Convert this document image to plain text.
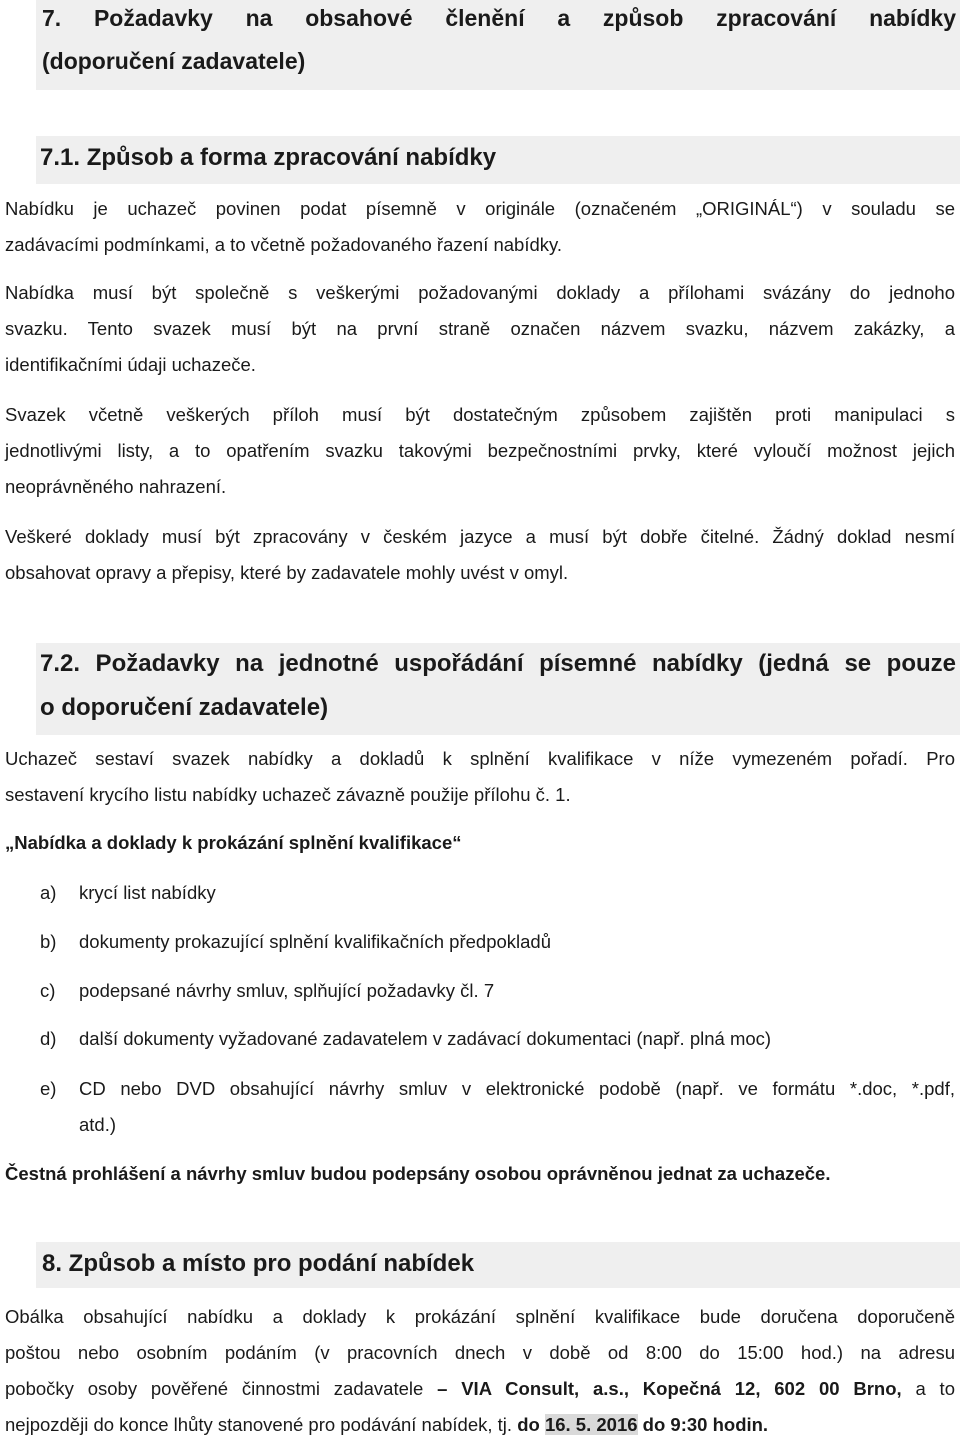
7. Požadavky na obsahové členění a způsob zpracování nabídky
(doporučení zadavatele)
7.1. Způsob a forma zpracování nabídky
Nabídku je uchazeč povinen podat písemně v originále (označeném „ORIGINÁL“) v souladu se
zadávacími podmínkami, a to včetně požadovaného řazení nabídky.
Nabídka musí být společně s veškerými požadovanými doklady a přílohami svázány do jednoho
svazku. Tento svazek musí být na první straně označen názvem svazku, názvem zakázky, a
identifikačními údaji uchazeče.
Svazek včetně veškerých příloh musí být dostatečným způsobem zajištěn proti manipulaci s
jednotlivými listy, a to opatřením svazku takovými bezpečnostními prvky, které vyloučí možnost jejich
neoprávněného nahrazení.
Veškeré doklady musí být zpracovány v českém jazyce a musí být dobře čitelné. Žádný doklad nesmí
obsahovat opravy a přepisy, které by zadavatele mohly uvést v omyl.
7.2. Požadavky na jednotné uspořádání písemné nabídky (jedná se pouze
o doporučení zadavatele)
Uchazeč sestaví svazek nabídky a dokladů k splnění kvalifikace v níže vymezeném pořadí. Pro
sestavení krycího listu nabídky uchazeč závazně použije přílohu č. 1.
„Nabídka a doklady k prokázání splnění kvalifikace“
a)	krycí list nabídky
b)	dokumenty prokazující splnění kvalifikačních předpokladů
c)	podepsané návrhy smluv, splňující požadavky čl. 7
d)	další dokumenty vyžadované zadavatelem v zadávací dokumentaci (např. plná moc)
e)	CD nebo DVD obsahující návrhy smluv v elektronické podobě (např. ve formátu *.doc, *.pdf,
atd.)
Čestná prohlášení a návrhy smluv budou podepsány osobou oprávněnou jednat za uchazeče.
8. Způsob a místo pro podání nabídek
Obálka obsahující nabídku a doklady k prokázání splnění kvalifikace bude doručena doporučeně
poštou nebo osobním podáním (v pracovních dnech v době od 8:00 do 15:00 hod.) na adresu
pobočky osoby pověřené činnostmi zadavatele – VIA Consult, a.s., Kopečná 12, 602 00 Brno, a to
nejpozději do konce lhůty stanovené pro podávání nabídek, tj. do 16. 5. 2016 do 9:30 hodin.
